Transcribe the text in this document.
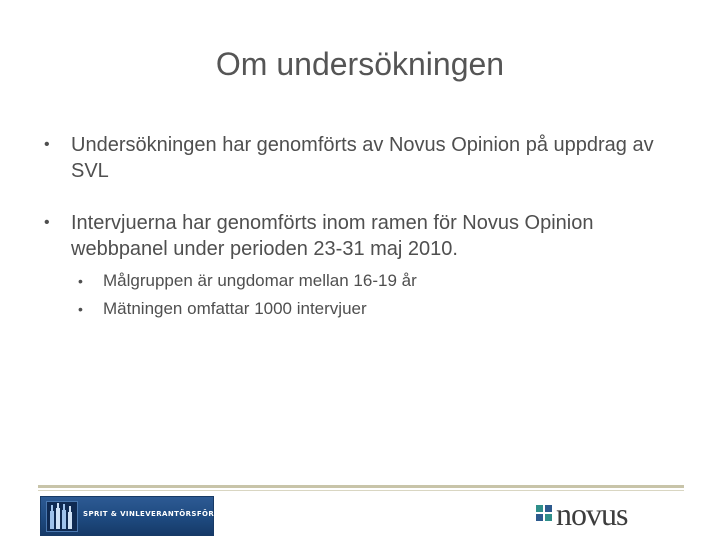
Om undersökningen
• Undersökningen har genomförts av Novus Opinion på uppdrag av SVL
• Intervjuerna har genomförts inom ramen för Novus Opinion webbpanel under perioden 23-31 maj 2010.
• Målgruppen är ungdomar mellan 16-19 år
• Mätningen omfattar 1000 intervjuer
SPRIT & VINLEVERANTÖRSFÖRENINGEN	novus
